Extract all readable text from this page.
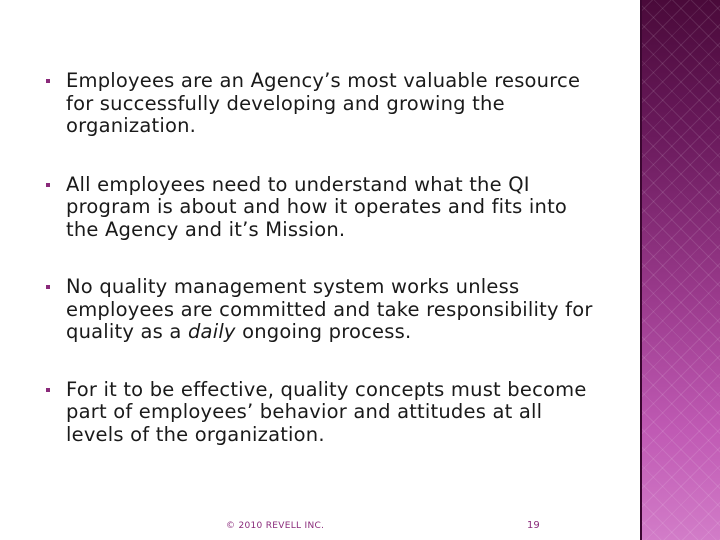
Employees are an Agency’s most valuable resource for successfully developing and growing the organization.
All employees need to understand what the QI program is about and how it operates and fits into the Agency and it’s Mission.
No quality management system works unless employees are committed and take responsibility for quality as a daily ongoing process.
For it to be effective, quality concepts must become part of employees’ behavior and attitudes at all levels of the organization.
© 2010 REVELL INC.	19
